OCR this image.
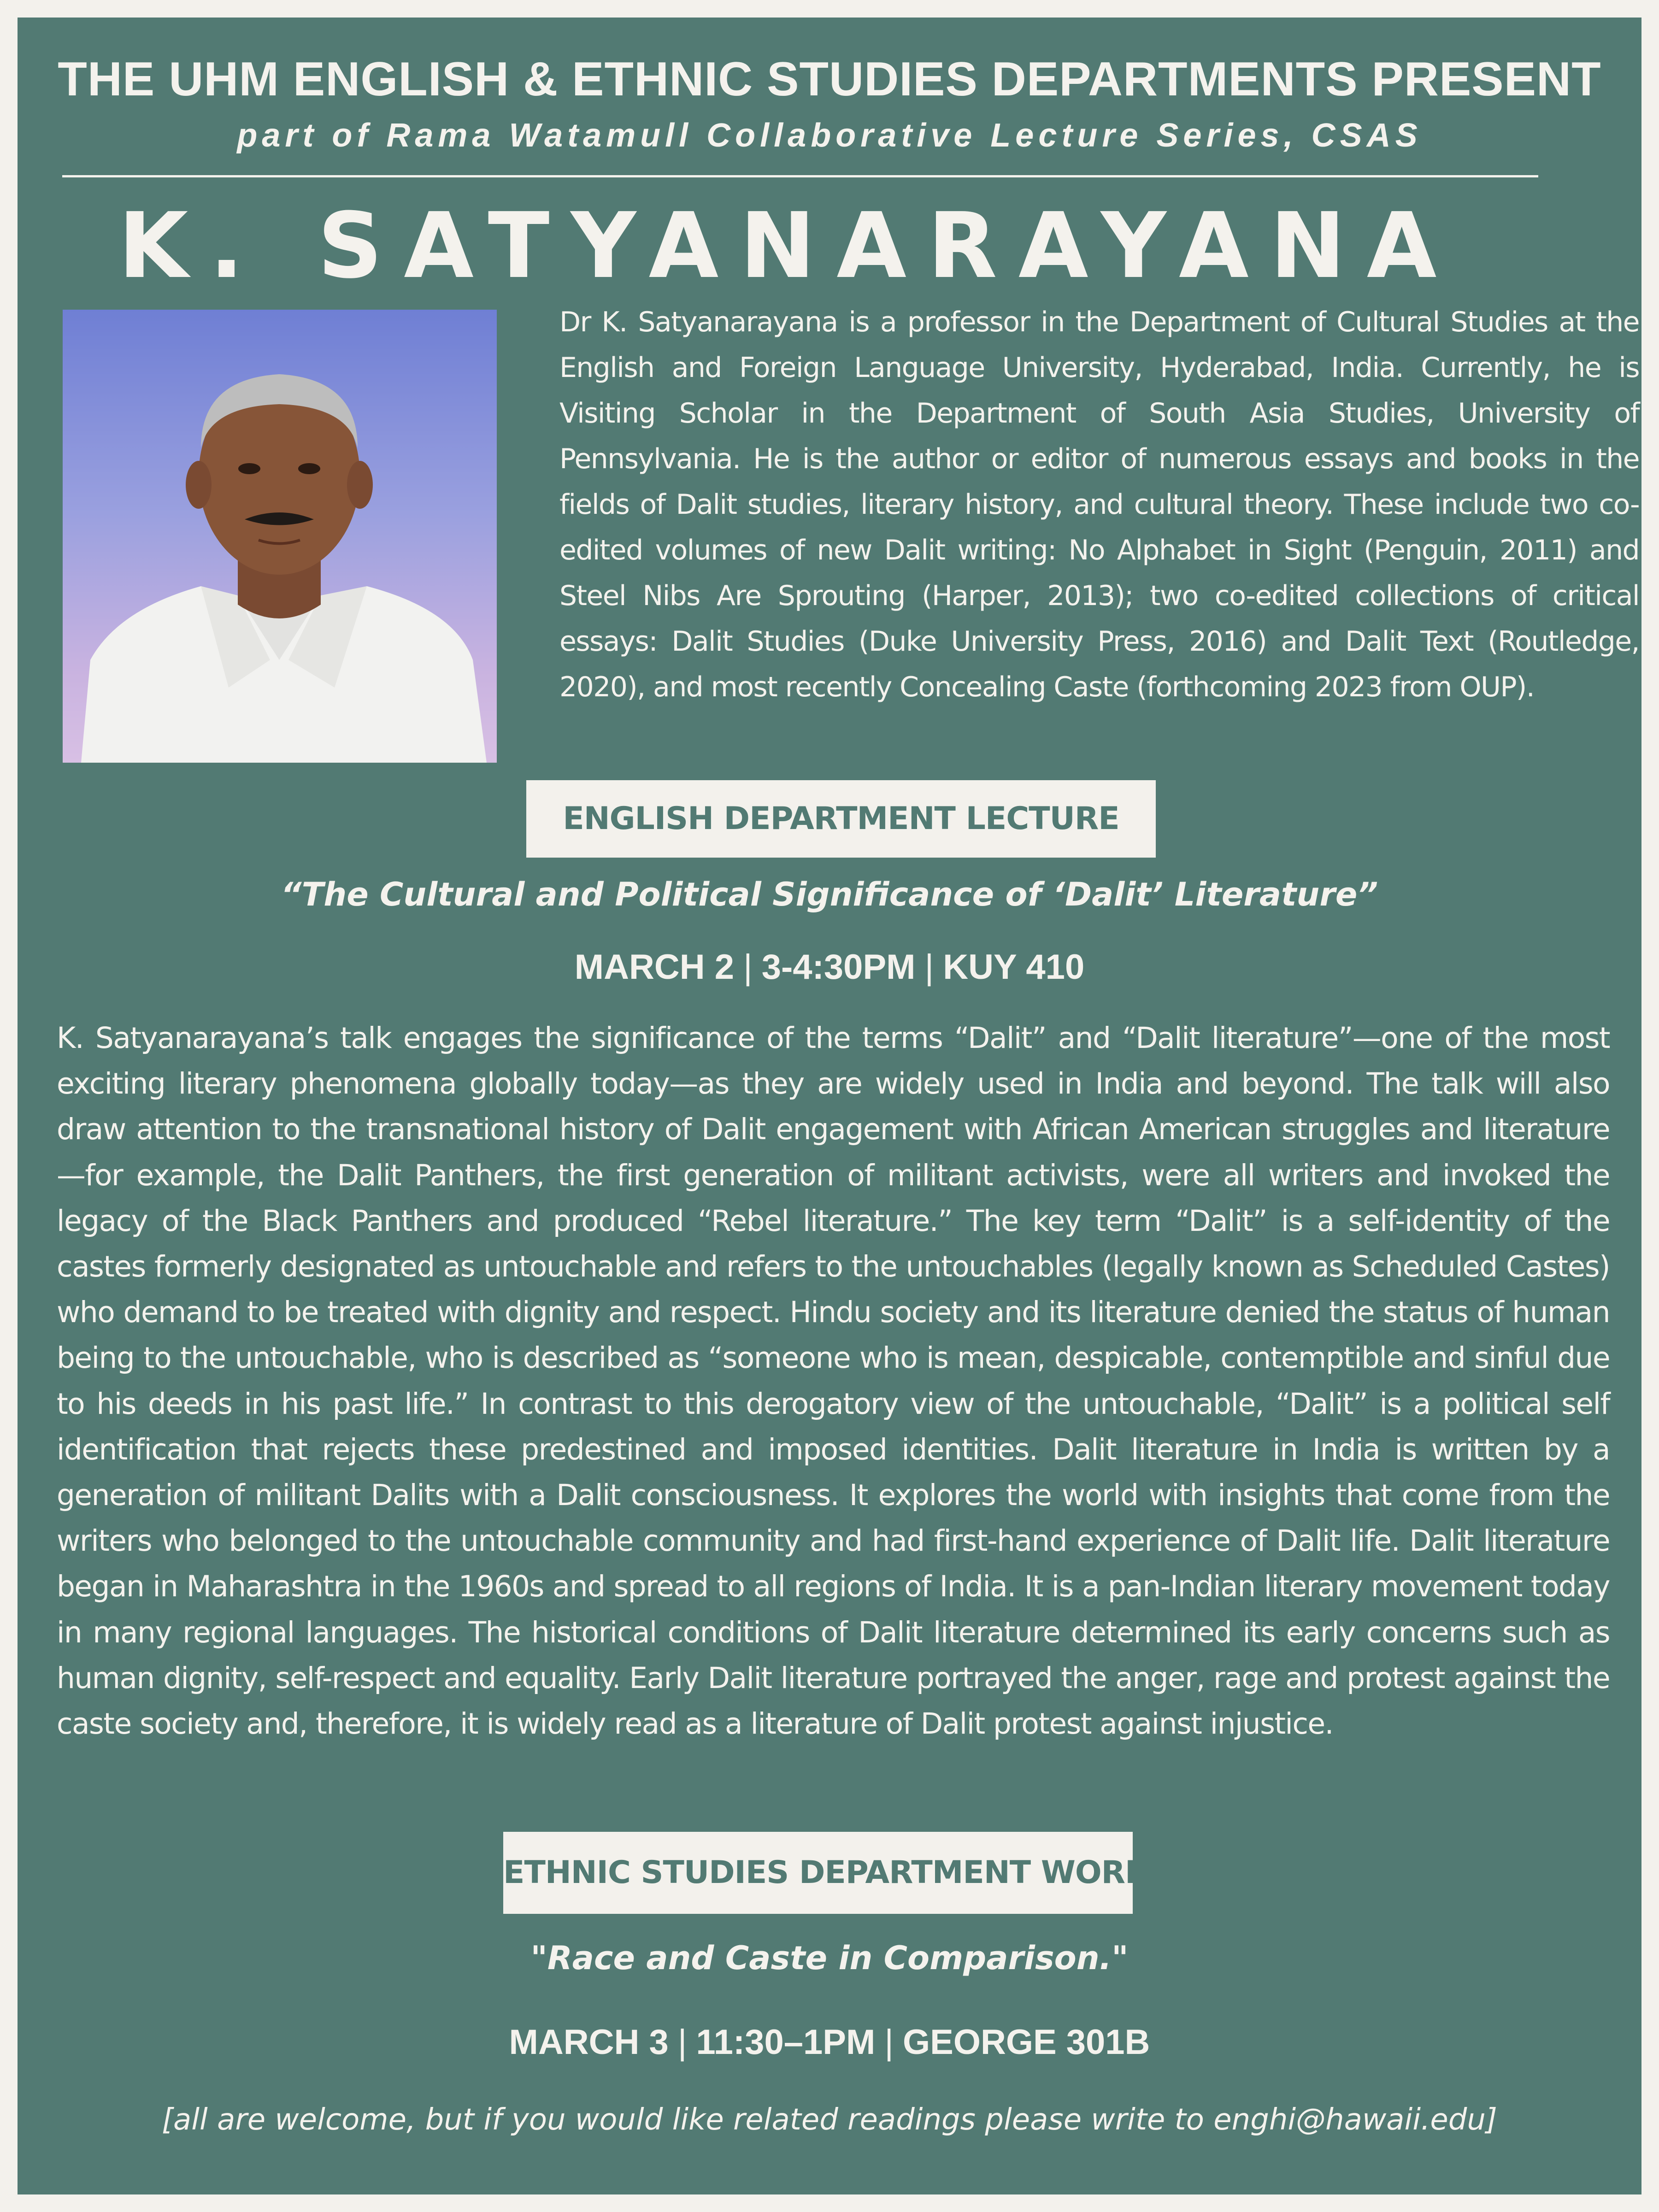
THE UHM ENGLISH & ETHNIC STUDIES DEPARTMENTS PRESENT
part of Rama Watamull Collaborative Lecture Series, CSAS
K. SATYANARAYANA
Dr K. Satyanarayana is a professor in the Department of Cultural Studies at the English and Foreign Language University, Hyderabad, India. Currently, he is Visiting Scholar in the Department of South Asia Studies, University of Pennsylvania. He is the author or editor of numerous essays and books in the fields of Dalit studies, literary history, and cultural theory. These include two co-edited volumes of new Dalit writing: No Alphabet in Sight (Penguin, 2011) and Steel Nibs Are Sprouting (Harper, 2013); two co-edited collections of critical essays: Dalit Studies (Duke University Press, 2016) and Dalit Text (Routledge, 2020), and most recently Concealing Caste (forthcoming 2023 from OUP).
ENGLISH DEPARTMENT LECTURE
“The Cultural and Political Significance of ‘Dalit’ Literature”
MARCH 2 | 3-4:30PM | KUY 410
K. Satyanarayana’s talk engages the significance of the terms “Dalit” and “Dalit literature”—one of the most exciting literary phenomena globally today—as they are widely used in India and beyond. The talk will also draw attention to the transnational history of Dalit engagement with African American struggles and literature—for example, the Dalit Panthers, the first generation of militant activists, were all writers and invoked the legacy of the Black Panthers and produced “Rebel literature.” The key term “Dalit” is a self-identity of the castes formerly designated as untouchable and refers to the untouchables (legally known as Scheduled Castes) who demand to be treated with dignity and respect. Hindu society and its literature denied the status of human being to the untouchable, who is described as “someone who is mean, despicable, contemptible and sinful due to his deeds in his past life.” In contrast to this derogatory view of the untouchable, “Dalit” is a political self identification that rejects these predestined and imposed identities. Dalit literature in India is written by a generation of militant Dalits with a Dalit consciousness. It explores the world with insights that come from the writers who belonged to the untouchable community and had first-hand experience of Dalit life. Dalit literature began in Maharashtra in the 1960s and spread to all regions of India. It is a pan-Indian literary movement today in many regional languages. The historical conditions of Dalit literature determined its early concerns such as human dignity, self-respect and equality. Early Dalit literature portrayed the anger, rage and protest against the caste society and, therefore, it is widely read as a literature of Dalit protest against injustice.
ETHNIC STUDIES DEPARTMENT WORKSHOP
"Race and Caste in Comparison."
MARCH 3 | 11:30–1PM | GEORGE 301B
[all are welcome, but if you would like related readings please write to enghi@hawaii.edu]
